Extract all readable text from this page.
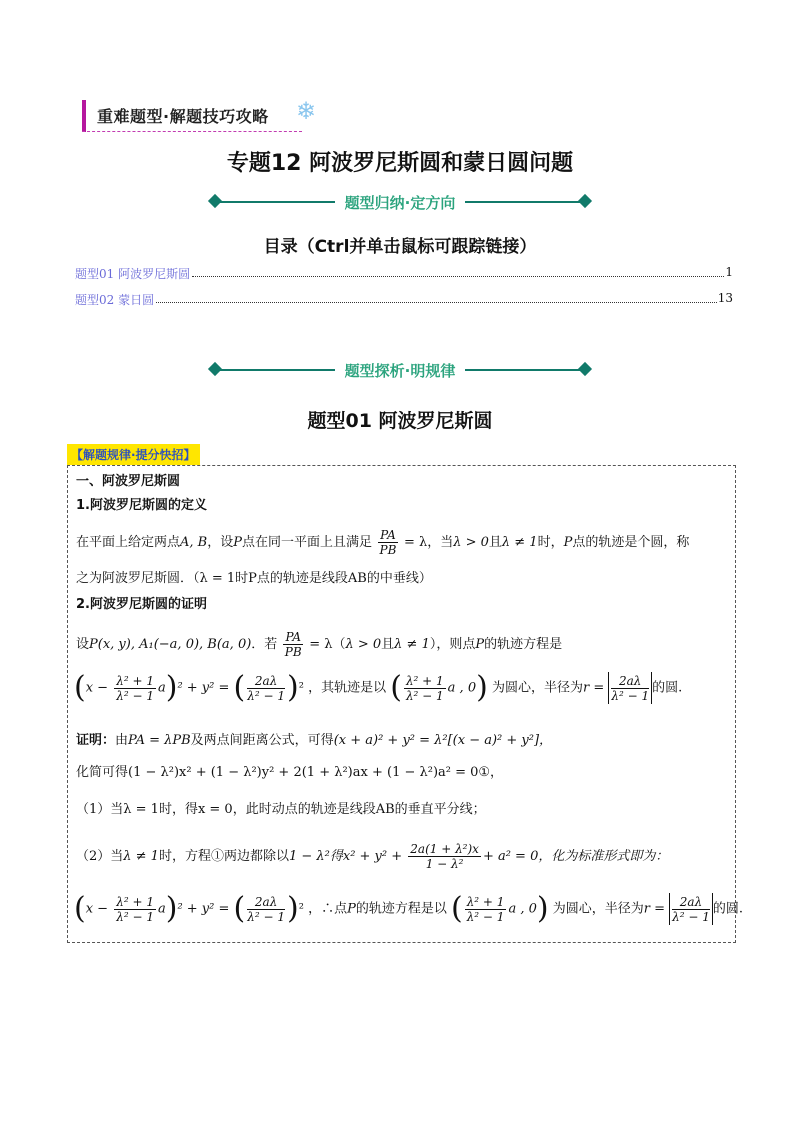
重难题型·解题技巧攻略 ❄
专题12 阿波罗尼斯圆和蒙日圆问题
题型归纳·定方向
目录（Ctrl并单击鼠标可跟踪链接）
题型01 阿波罗尼斯圆	1
题型02 蒙日圆	13
题型探析·明规律
题型01 阿波罗尼斯圆
【解题规律·提分快招】
一、阿波罗尼斯圆
1.阿波罗尼斯圆的定义
在平面上给定两点A, B，设P点在同一平面上且满足 $\frac{PA}{PB} = \lambda$，当λ > 0且λ ≠ 1时，P点的轨迹是个圆，称
之为阿波罗尼斯圆．（λ = 1时P点的轨迹是线段AB的中垂线）
2.阿波罗尼斯圆的证明
设P(x, y), A₁(−a, 0), B(a, 0)．若 $\frac{PA}{PB} = \lambda(\lambda > 0$且λ ≠ 1），则点P的轨迹方程是
$(x - \frac{\text{λ² + 1}}{\text{λ² − 1}} a)^2 + y^2$ = ( $\frac{2a\lambda}{\text{λ² − 1}} )^2$ ，其轨迹是以 ( $\frac{\text{λ² + 1}}{\text{λ² − 1}}$ a , 0) 为圆心，半径为$r = \frac{2a\lambda}{\text{λ² − 1}}$ 的圆.
证明：由PA = λPB及两点间距离公式，可得(x + a)² + y² = λ²[(x − a)² + y²]，
化简可得(1 − λ²)x² + (1 − λ²)y² + 2(1 + λ²)ax + (1 − λ²)a² = 0①，
（1）当λ = 1时，得x = 0，此时动点的轨迹是线段AB的垂直平分线；
（2）当λ ≠ 1时，方程①两边都除以1 − λ²得$x^2 + y^2 + \frac{\text{2a(1 + λ²)x}}{\text{1 − λ²}} + a^2 = 0$，化为标准形式即为：
$(x - \frac{\text{λ² + 1}}{\text{λ² − 1}} a)^2 + y^2$ = ( $\frac{2a\lambda}{\text{λ² − 1}} )^2$ ，∴点P的轨迹方程是以 ( $\frac{\text{λ² + 1}}{\text{λ² − 1}}$ a , 0) 为圆心，半径为$r = \frac{2a\lambda}{\text{λ² − 1}}$ 的圆.
